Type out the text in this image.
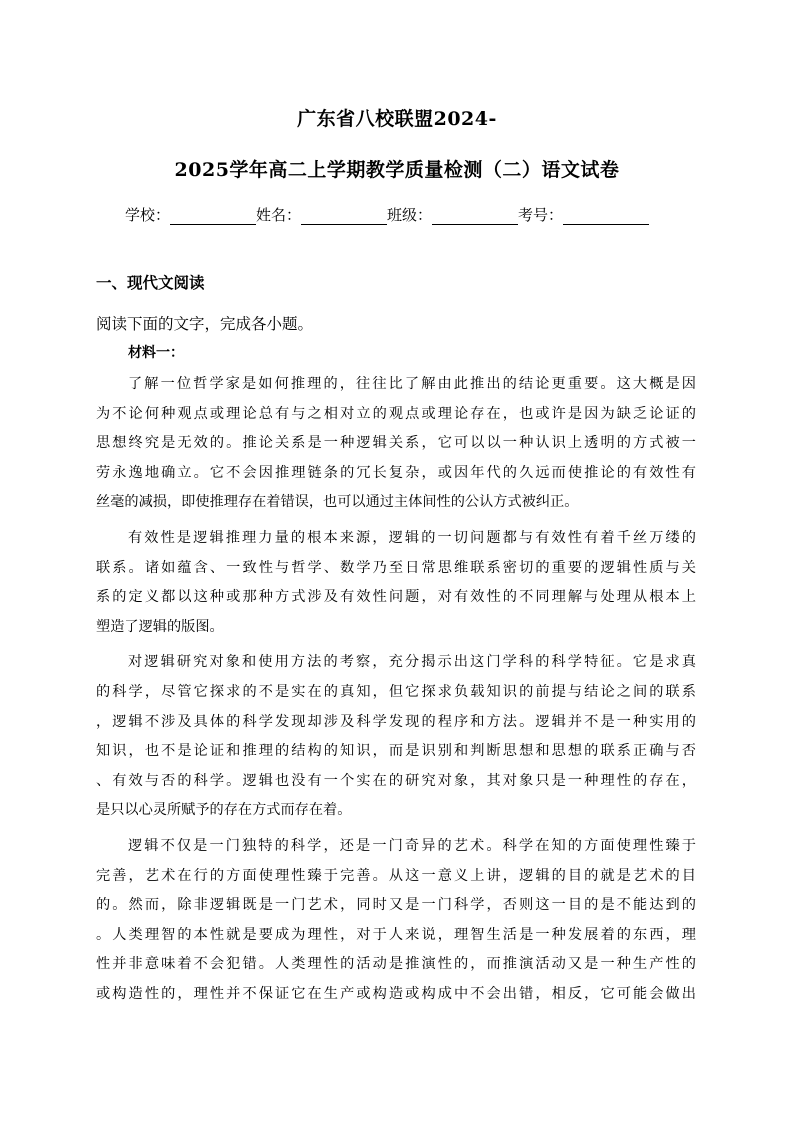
广东省八校联盟2024-
2025学年高二上学期教学质量检测（二）语文试卷
学校：	姓名：	班级：	考号：
一、现代文阅读
阅读下面的文字，完成各小题。
材料一：
了解一位哲学家是如何推理的，往往比了解由此推出的结论更重要。这大概是因
为不论何种观点或理论总有与之相对立的观点或理论存在，也或许是因为缺乏论证的
思想终究是无效的。推论关系是一种逻辑关系，它可以以一种认识上透明的方式被一
劳永逸地确立。它不会因推理链条的冗长复杂，或因年代的久远而使推论的有效性有
丝毫的减损，即使推理存在着错误，也可以通过主体间性的公认方式被纠正。
有效性是逻辑推理力量的根本来源，逻辑的一切问题都与有效性有着千丝万缕的
联系。诸如蕴含、一致性与哲学、数学乃至日常思维联系密切的重要的逻辑性质与关
系的定义都以这种或那种方式涉及有效性问题，对有效性的不同理解与处理从根本上
塑造了逻辑的版图。
对逻辑研究对象和使用方法的考察，充分揭示出这门学科的科学特征。它是求真
的科学，尽管它探求的不是实在的真知，但它探求负载知识的前提与结论之间的联系
，逻辑不涉及具体的科学发现却涉及科学发现的程序和方法。逻辑并不是一种实用的
知识，也不是论证和推理的结构的知识，而是识别和判断思想和思想的联系正确与否
、有效与否的科学。逻辑也没有一个实在的研究对象，其对象只是一种理性的存在，
是只以心灵所赋予的存在方式而存在着。
逻辑不仅是一门独特的科学，还是一门奇异的艺术。科学在知的方面使理性臻于
完善，艺术在行的方面使理性臻于完善。从这一意义上讲，逻辑的目的就是艺术的目
的。然而，除非逻辑既是一门艺术，同时又是一门科学，否则这一目的是不能达到的
。人类理智的本性就是要成为理性，对于人来说，理智生活是一种发展着的东西，理
性并非意味着不会犯错。人类理性的活动是推演性的，而推演活动又是一种生产性的
或构造性的，理性并不保证它在生产或构造或构成中不会出错，相反，它可能会做出
